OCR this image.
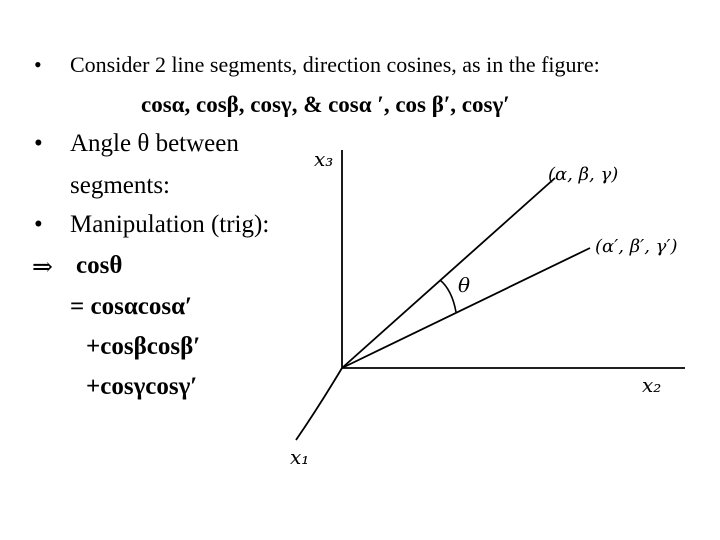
• Consider 2 line segments, direction cosines, as in the figure:
cosα, cosβ, cosγ, & cosα ′, cos β′, cosγ′
• Angle θ between
segments:
• Manipulation (trig):
⇒ cosθ
= cosαcosα′
+cosβcosβ′
+cosγcosγ′
x₃
x₂
x₁
(α, β, γ)
(α′, β′, γ′)
θ
